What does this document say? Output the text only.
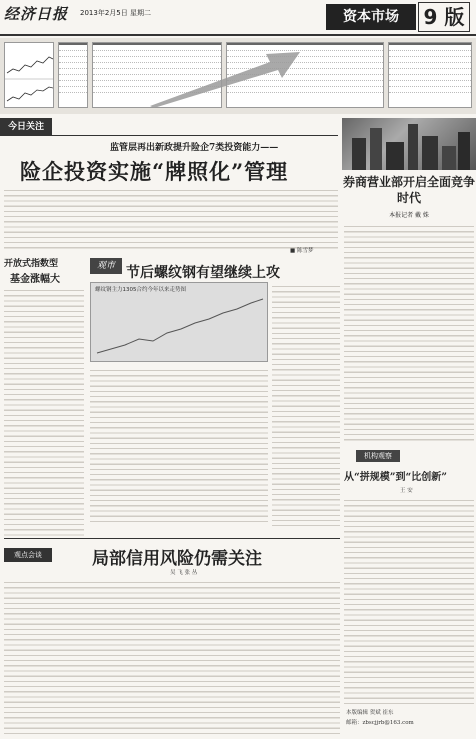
经济日报 2013年2月5日 星期二	资本市场	9 版
今日关注
监管层再出新政提升险企7类投资能力——
险企投资实施“牌照化”管理	券商营业部开启全面竞争时代
本报记者 戴 姝
开放式指数型
基金涨幅大
观市 节后螺纹钢有望继续上攻
■ 陈雪梦
螺纹钢主力1305合约今年以来走势图
机构观察
从“拼规模”到“比创新”
王 安
观点会谈	局部信用风险仍需关注
吴 飞 张 丛
本版编辑 贺斌 崔东
邮箱：zbscjjrb@163.com
